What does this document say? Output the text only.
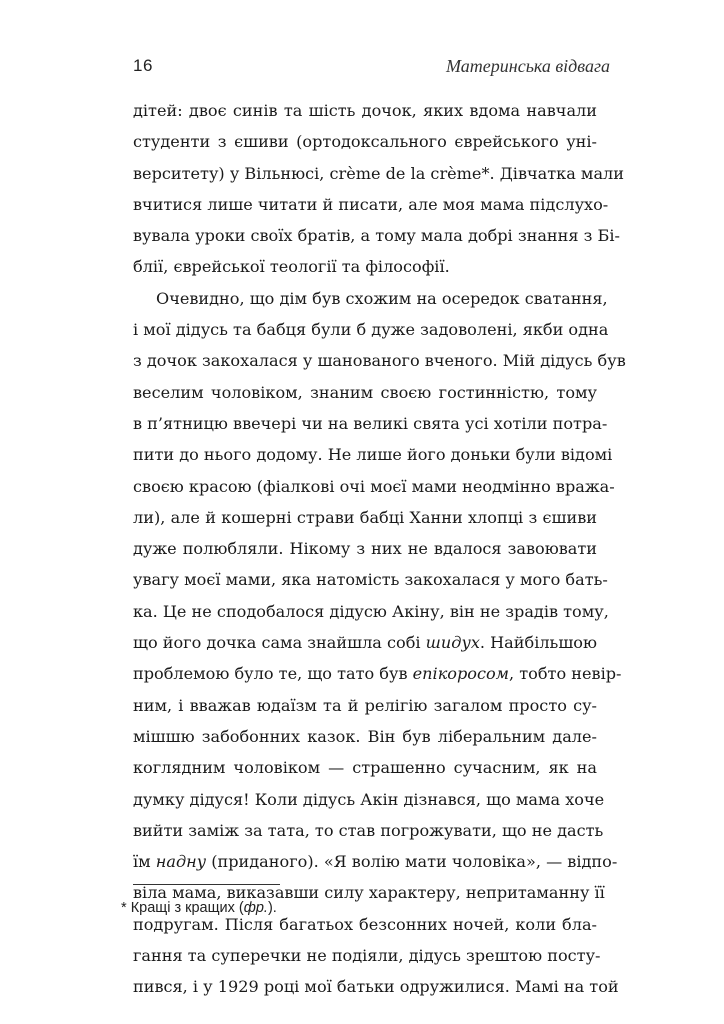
16	Материнська відвага
дітей: двоє синів та шість дочок, яких вдома навчали
студенти з єшиви (ортодоксального єврейського уні-
верситету) у Вільнюсі, crème de la crème*. Дівчатка мали
вчитися лише читати й писати, але моя мама підслухо-
вувала уроки своїх братів, а тому мала добрі знання з Бі-
блії, єврейської теології та філософії.
Очевидно, що дім був схожим на осередок сватання,
і мої дідусь та бабця були б дуже задоволені, якби одна
з дочок закохалася у шанованого вченого. Мій дідусь був
веселим чоловіком, знаним своєю гостинністю, тому
в п’ятницю ввечері чи на великі свята усі хотіли потра-
пити до нього додому. Не лише його доньки були відомі
своєю красою (фіалкові очі моєї мами неодмінно вража-
ли), але й кошерні страви бабці Ханни хлопці з єшиви
дуже полюбляли. Нікому з них не вдалося завоювати
увагу моєї мами, яка натомість закохалася у мого бать-
ка. Це не сподобалося дідусю Акіну, він не зрадів тому,
що його дочка сама знайшла собі шидух. Найбільшою
проблемою було те, що тато був епікоросом, тобто невір-
ним, і вважав юдаїзм та й релігію загалом просто су-
мішшю забобонних казок. Він був ліберальним дале-
коглядним чоловіком — страшенно сучасним, як на
думку дідуся! Коли дідусь Акін дізнався, що мама хоче
вийти заміж за тата, то став погрожувати, що не дасть
їм надну (приданого). «Я волію мати чоловіка», — відпо-
віла мама, виказавши силу характеру, непритаманну її
подругам. Після багатьох безсонних ночей, коли бла-
гання та суперечки не подіяли, дідусь зрештою посту-
пився, і у 1929 році мої батьки одружилися. Мамі на той
* Кращі з кращих (фр.).
